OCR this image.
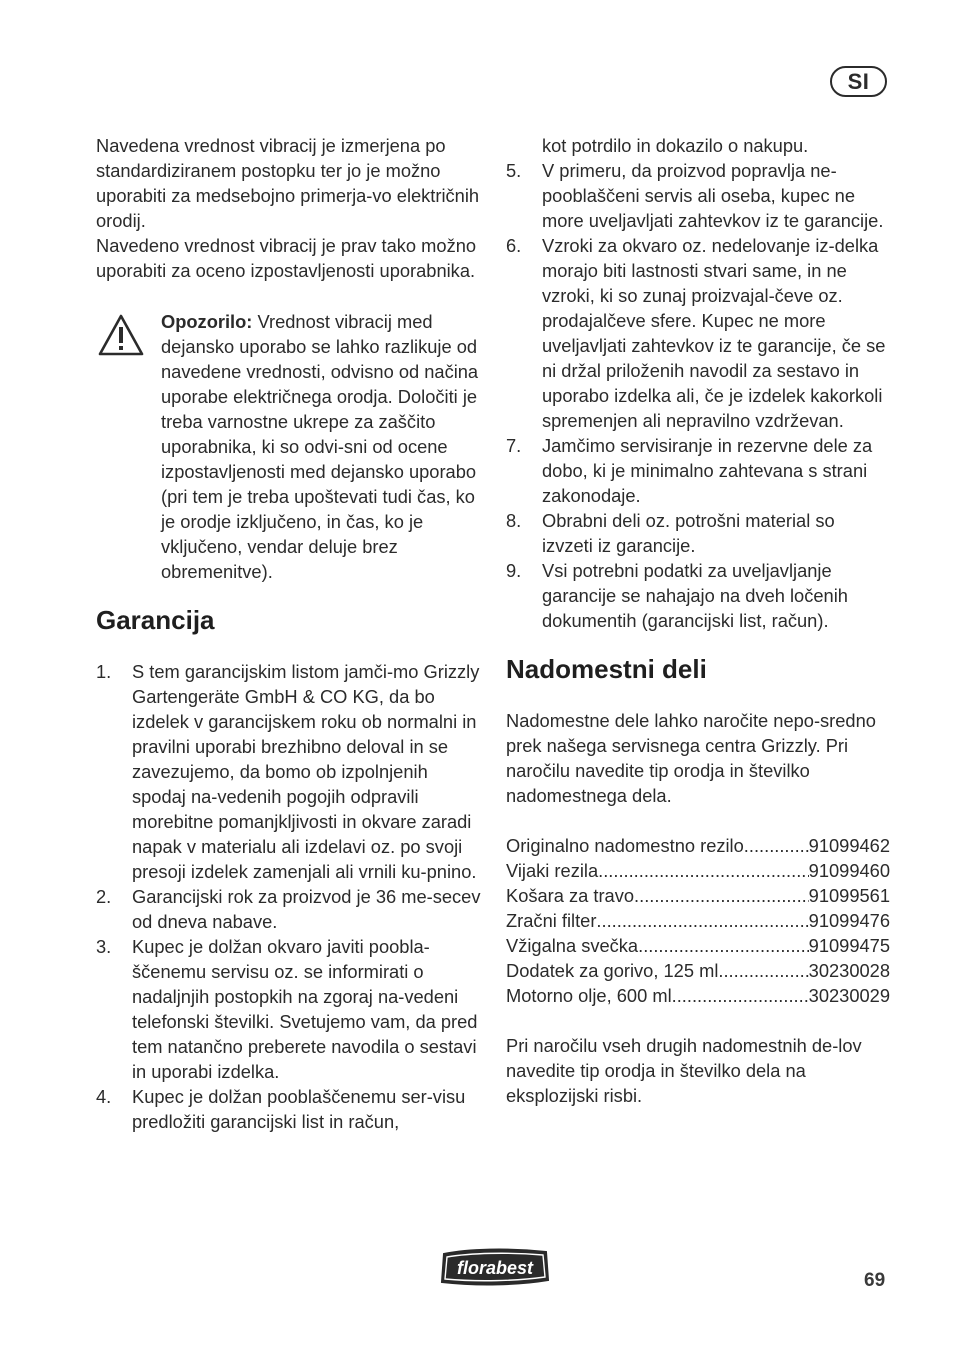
SI

Navedena vrednost vibracij je izmerjena po standardiziranem postopku ter jo je možno uporabiti za medsebojno primerja-vo električnih orodij.

Navedeno vrednost vibracij je prav tako možno uporabiti za oceno izpostavljenosti uporabnika.

Opozorilo: Vrednost vibracij med dejansko uporabo se lahko razlikuje od navedene vrednosti, odvisno od načina uporabe električnega orodja. Določiti je treba varnostne ukrepe za zaščito uporabnika, ki so odvi-sni od ocene izpostavljenosti med dejansko uporabo (pri tem je treba upoštevati tudi čas, ko je orodje izključeno, in čas, ko je vključeno, vendar deluje brez obremenitve).

Garancija
1. S tem garancijskim listom jamči-mo Grizzly Gartengeräte GmbH & CO KG, da bo izdelek v garancijskem roku ob normalni in pravilni uporabi brezhibno deloval in se zavezujemo, da bomo ob izpolnjenih spodaj na-vedenih pogojih odpravili morebitne pomanjkljivosti in okvare zaradi napak v materialu ali izdelavi oz. po svoji presoji izdelek zamenjali ali vrnili ku-pnino.
2. Garancijski rok za proizvod je 36 me-secev od dneva nabave.
3. Kupec je dolžan okvaro javiti poobla-ščenemu servisu oz. se informirati o nadaljnjih postopkih na zgoraj na-vedeni telefonski številki. Svetujemo vam, da pred tem natančno preberete navodila o sestavi in uporabi izdelka.
4. Kupec je dolžan pooblaščenemu ser-visu predložiti garancijski list in račun,
kot potrdilo in dokazilo o nakupu.
5. V primeru, da proizvod popravlja ne-pooblaščeni servis ali oseba, kupec ne more uveljavljati zahtevkov iz te garancije.
6. Vzroki za okvaro oz. nedelovanje iz-delka morajo biti lastnosti stvari same, in ne vzroki, ki so zunaj proizvajal-čeve oz. prodajalčeve sfere. Kupec ne more uveljavljati zahtevkov iz te garancije, če se ni držal priloženih navodil za sestavo in uporabo izdelka ali, če je izdelek kakorkoli spremenjen ali nepravilno vzdrževan.
7. Jamčimo servisiranje in rezervne dele za dobo, ki je minimalno zahtevana s strani zakonodaje.
8. Obrabni deli oz. potrošni material so izvzeti iz garancije.
9. Vsi potrebni podatki za uveljavljanje garancije se nahajajo na dveh ločenih dokumentih (garancijski list, račun).
Nadomestni deli

Nadomestne dele lahko naročite nepo-sredno prek našega servisnega centra Grizzly. Pri naročilu navedite tip orodja in številko nadomestnega dela.

Originalno nadomestno rezilo .....	91099462
Vijaki rezila .....	91099460
Košara za travo .....	91099561
Zračni filter .....	91099476
Vžigalna svečka .....	91099475
Dodatek za gorivo, 125 ml .....	30230028
Motorno olje, 600 ml .....	30230029

Pri naročilu vseh drugih nadomestnih de-lov navedite tip orodja in številko dela na eksplozijski risbi.

florabest
69
